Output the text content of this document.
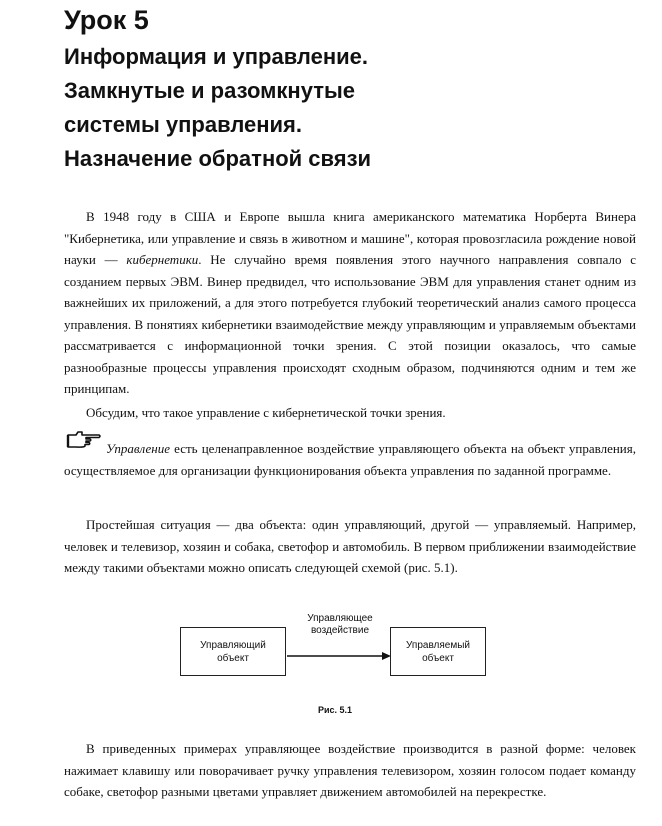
Урок 5
Информация и управление.
Замкнутые и разомкнутые
системы управления.
Назначение обратной связи
В 1948 году в США и Европе вышла книга американского математика Норберта Винера "Кибернетика, или управление и связь в животном и машине", которая провозгласила рождение новой науки — кибернетики. Не случайно время появления этого научного направления совпало с созданием первых ЭВМ. Винер предвидел, что использование ЭВМ для управления станет одним из важнейших их приложений, а для этого потребуется глубокий теоретический анализ самого процесса управления. В понятиях кибернетики взаимодействие между управляющим и управляемым объектами рассматривается с информационной точки зрения. С этой позиции оказалось, что самые разнообразные процессы управления происходят сходным образом, подчиняются одним и тем же принципам.
Обсудим, что такое управление с кибернетической точки зрения.
Управление есть целенаправленное воздействие управляющего объекта на объект управления, осуществляемое для организации функционирования объекта управления по заданной программе.
Простейшая ситуация — два объекта: один управляющий, другой — управляемый. Например, человек и телевизор, хозяин и собака, светофор и автомобиль. В первом приближении взаимодействие между такими объектами можно описать следующей схемой (рис. 5.1).
Управляющий
объект
Управляющее
воздействие
Управляемый
объект
Рис. 5.1
В приведенных примерах управляющее воздействие производится в разной форме: человек нажимает клавишу или поворачивает ручку управления телевизором, хозяин голосом подает команду собаке, светофор разными цветами управляет движением автомобилей на перекрестке.
